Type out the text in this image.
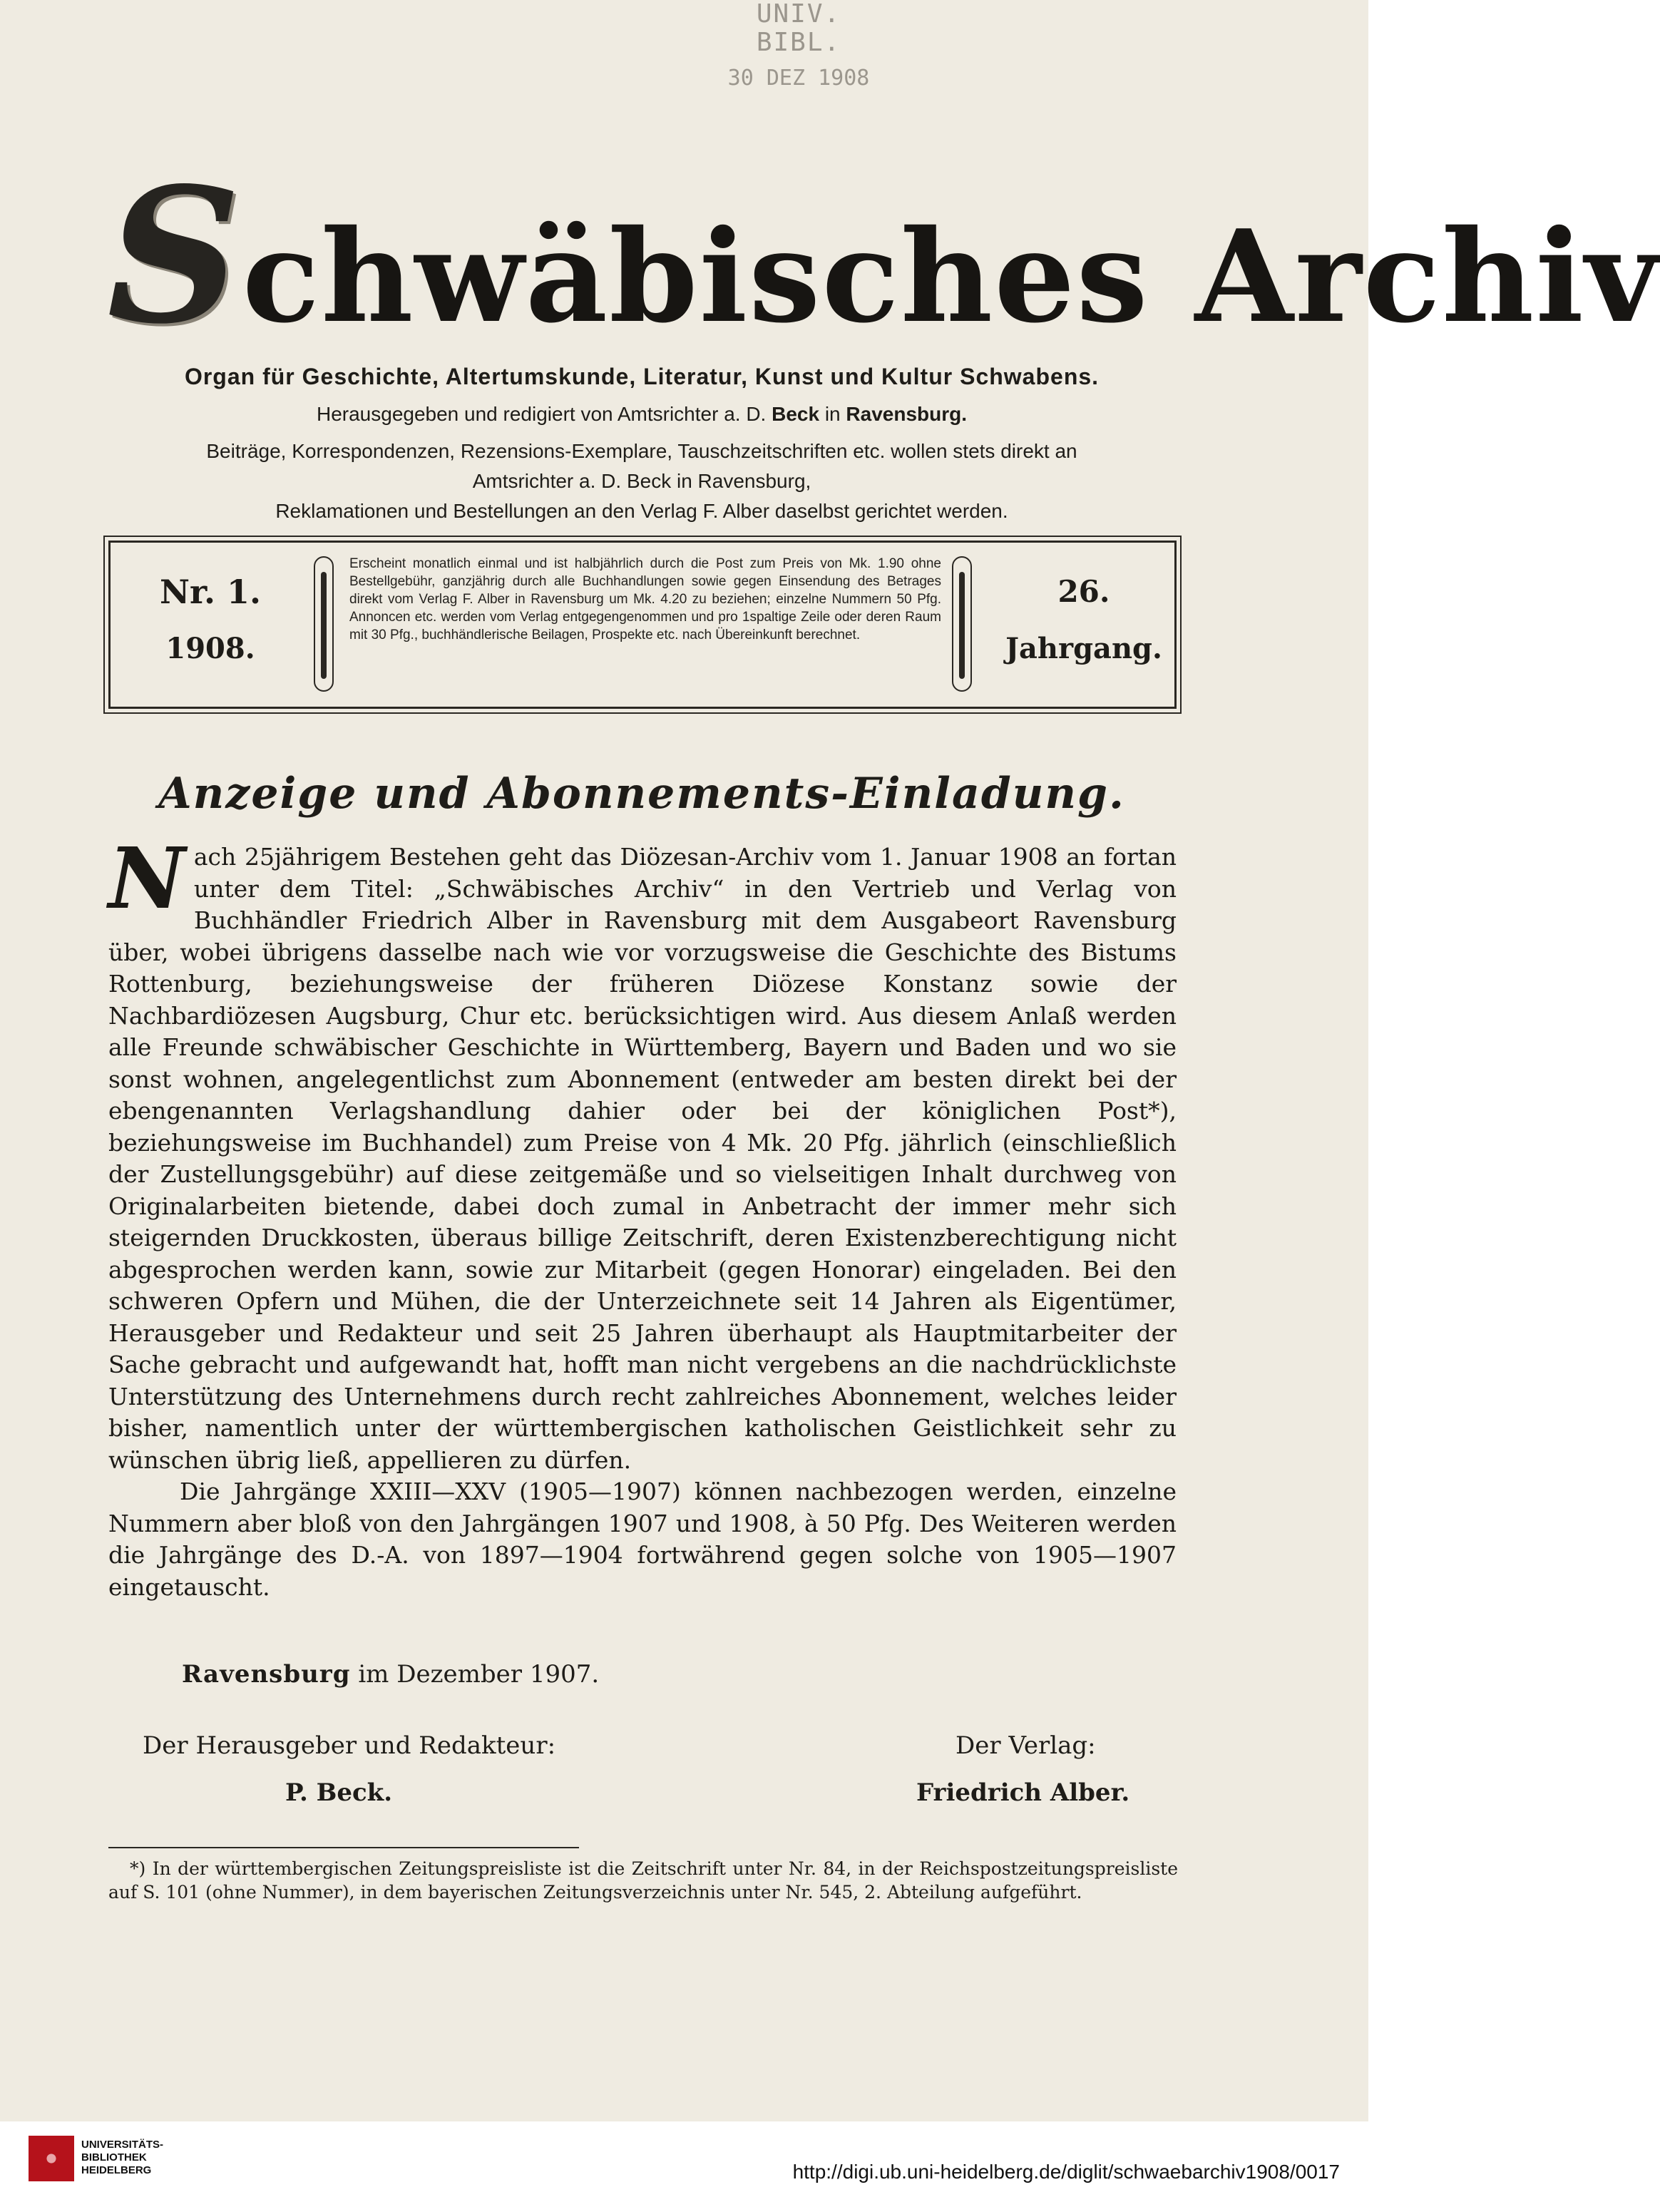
UNIV. BIBL.
30 DEZ 1908
Schwäbisches Archiv
Organ für Geschichte, Altertumskunde, Literatur, Kunst und Kultur Schwabens.
Herausgegeben und redigiert von Amtsrichter a. D. Beck in Ravensburg.
Beiträge, Korrespondenzen, Rezensions-Exemplare, Tauschzeitschriften etc. wollen stets direkt an
Amtsrichter a. D. Beck in Ravensburg,
Reklamationen und Bestellungen an den Verlag F. Alber daselbst gerichtet werden.
Nr. 1.
1908.
Erscheint monatlich einmal und ist halbjährlich durch die Post zum Preis von Mk. 1.90 ohne Bestellgebühr, ganzjährig durch alle Buchhandlungen sowie gegen Einsendung des Betrages direkt vom Verlag F. Alber in Ravensburg um Mk. 4.20 zu beziehen; einzelne Nummern 50 Pfg. Annoncen etc. werden vom Verlag entgegengenommen und pro 1spaltige Zeile oder deren Raum mit 30 Pfg., buchhändlerische Beilagen, Prospekte etc. nach Übereinkunft berechnet.
26.
Jahrgang.
Anzeige und Abonnements-Einladung.

Nach 25jährigem Bestehen geht das Diözesan-Archiv vom 1. Januar 1908 an fortan unter dem Titel: „Schwäbisches Archiv“ in den Vertrieb und Verlag von Buchhändler Friedrich Alber in Ravensburg mit dem Ausgabeort Ravensburg über, wobei übrigens dasselbe nach wie vor vorzugsweise die Geschichte des Bistums Rottenburg, beziehungsweise der früheren Diözese Konstanz sowie der Nachbardiözesen Augsburg, Chur etc. berücksichtigen wird. Aus diesem Anlaß werden alle Freunde schwäbischer Geschichte in Württemberg, Bayern und Baden und wo sie sonst wohnen, angelegentlichst zum Abonnement (entweder am besten direkt bei der ebengenannten Verlagshandlung dahier oder bei der königlichen Post*), beziehungsweise im Buchhandel) zum Preise von 4 Mk. 20 Pfg. jährlich (einschließlich der Zustellungsgebühr) auf diese zeitgemäße und so vielseitigen Inhalt durchweg von Originalarbeiten bietende, dabei doch zumal in Anbetracht der immer mehr sich steigernden Druckkosten, überaus billige Zeitschrift, deren Existenzberechtigung nicht abgesprochen werden kann, sowie zur Mitarbeit (gegen Honorar) eingeladen. Bei den schweren Opfern und Mühen, die der Unterzeichnete seit 14 Jahren als Eigentümer, Herausgeber und Redakteur und seit 25 Jahren überhaupt als Hauptmitarbeiter der Sache gebracht und aufgewandt hat, hofft man nicht vergebens an die nachdrücklichste Unterstützung des Unternehmens durch recht zahlreiches Abonnement, welches leider bisher, namentlich unter der württembergischen katholischen Geistlichkeit sehr zu wünschen übrig ließ, appellieren zu dürfen.

Die Jahrgänge XXIII—XXV (1905—1907) können nachbezogen werden, einzelne Nummern aber bloß von den Jahrgängen 1907 und 1908, à 50 Pfg. Des Weiteren werden die Jahrgänge des D.-A. von 1897—1904 fortwährend gegen solche von 1905—1907 eingetauscht.

Ravensburg im Dezember 1907.
Der Herausgeber und Redakteur:
P. Beck.
Der Verlag:
Friedrich Alber.
*) In der württembergischen Zeitungspreisliste ist die Zeitschrift unter Nr. 84, in der Reichspostzeitungspreisliste auf S. 101 (ohne Nummer), in dem bayerischen Zeitungsverzeichnis unter Nr. 545, 2. Abteilung aufgeführt.
UNIVERSITÄTS-
BIBLIOTHEK
HEIDELBERG	http://digi.ub.uni-heidelberg.de/diglit/schwaebarchiv1908/0017
